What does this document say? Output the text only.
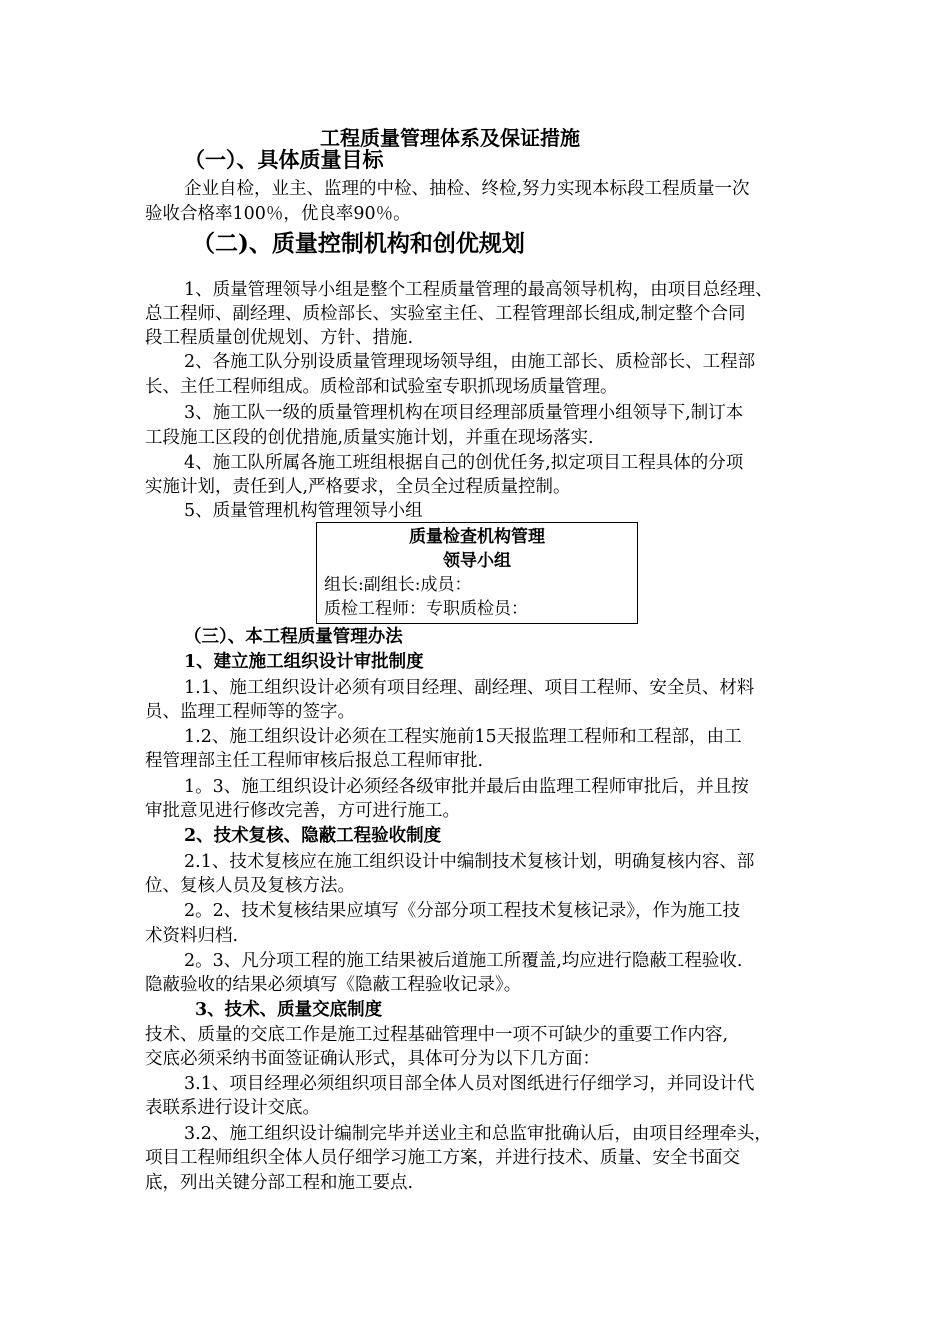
工程质量管理体系及保证措施
（一）、具体质量目标
企业自检，业主、监理的中检、抽检、终检,努力实现本标段工程质量一次
验收合格率100％，优良率90％。
（二)、质量控制机构和创优规划
1、质量管理领导小组是整个工程质量管理的最高领导机构，由项目总经理、
总工程师、副经理、质检部长、实验室主任、工程管理部长组成,制定整个合同
段工程质量创优规划、方针、措施.
2、各施工队分别设质量管理现场领导组，由施工部长、质检部长、工程部
长、主任工程师组成。质检部和试验室专职抓现场质量管理。
3、施工队一级的质量管理机构在项目经理部质量管理小组领导下,制订本
工段施工区段的创优措施,质量实施计划，并重在现场落实.
4、施工队所属各施工班组根据自己的创优任务,拟定项目工程具体的分项
实施计划，责任到人,严格要求，全员全过程质量控制。
5、质量管理机构管理领导小组
质量检查机构管理
领导小组
组长:副组长:成员：
质检工程师：专职质检员：
（三）、本工程质量管理办法
1、建立施工组织设计审批制度
1.1、施工组织设计必须有项目经理、副经理、项目工程师、安全员、材料
员、监理工程师等的签字。
1.2、施工组织设计必须在工程实施前15天报监理工程师和工程部，由工
程管理部主任工程师审核后报总工程师审批.
1。3、施工组织设计必须经各级审批并最后由监理工程师审批后，并且按
审批意见进行修改完善，方可进行施工。
2、技术复核、隐蔽工程验收制度
2.1、技术复核应在施工组织设计中编制技术复核计划，明确复核内容、部
位、复核人员及复核方法。
2。2、技术复核结果应填写《分部分项工程技术复核记录》，作为施工技
术资料归档.
2。3、凡分项工程的施工结果被后道施工所覆盖,均应进行隐蔽工程验收.
隐蔽验收的结果必须填写《隐蔽工程验收记录》。
3、技术、质量交底制度
技术、质量的交底工作是施工过程基础管理中一项不可缺少的重要工作内容,
交底必须采纳书面签证确认形式，具体可分为以下几方面：
3.1、项目经理必须组织项目部全体人员对图纸进行仔细学习，并同设计代
表联系进行设计交底。
3.2、施工组织设计编制完毕并送业主和总监审批确认后，由项目经理牵头，
项目工程师组织全体人员仔细学习施工方案，并进行技术、质量、安全书面交
底，列出关键分部工程和施工要点.
